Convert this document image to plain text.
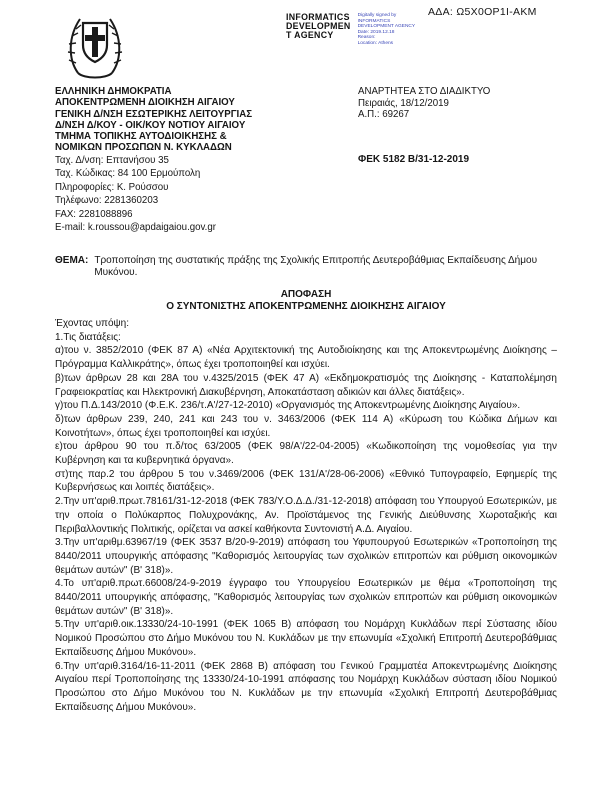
ΑΔΑ: Ω5Χ0ΟΡ1Ι-ΑΚΜ
INFORMATICS
DEVELOPMEN
T AGENCY
Digitally signed by
INFORMATICS
DEVELOPMENT AGENCY
Date: 2019.12.18
Reason:
Location: Athens
ΕΛΛΗΝΙΚΗ ΔΗΜΟΚΡΑΤΙΑ
ΑΠΟΚΕΝΤΡΩΜΕΝΗ ΔΙΟΙΚΗΣΗ ΑΙΓΑΙΟΥ
ΓΕΝΙΚΗ Δ/ΝΣΗ ΕΣΩΤΕΡΙΚΗΣ ΛΕΙΤΟΥΡΓΙΑΣ
Δ/ΝΣΗ Δ/ΚΟΥ - ΟΙΚ/ΚΟΥ ΝΟΤΙΟΥ ΑΙΓΑΙΟΥ
ΤΜΗΜΑ ΤΟΠΙΚΗΣ ΑΥΤΟΔΙΟΙΚΗΣΗΣ &
ΝΟΜΙΚΩΝ ΠΡΟΣΩΠΩΝ Ν. ΚΥΚΛΑΔΩΝ
ΑΝΑΡΤΗΤΕΑ ΣΤΟ ΔΙΑΔΙΚΤΥΟ
Πειραιάς, 18/12/2019
Α.Π.: 69267
ΦΕΚ 5182 Β/31-12-2019
Ταχ. Δ/νση: Επτανήσου 35
Ταχ. Κώδικας: 84 100 Ερμούπολη
Πληροφορίες: Κ. Ρούσσου
Τηλέφωνο: 2281360203
FAX: 2281088896
E-mail: k.roussou@apdaigaiou.gov.gr
ΘΕΜΑ: Τροποποίηση της συστατικής πράξης της Σχολικής Επιτροπής Δευτεροβάθμιας Εκπαίδευσης Δήμου Μυκόνου.
ΑΠΟΦΑΣΗ
Ο ΣΥΝΤΟΝΙΣΤΗΣ ΑΠΟΚΕΝΤΡΩΜΕΝΗΣ ΔΙΟΙΚΗΣΗΣ ΑΙΓΑΙΟΥ

Έχοντας υπόψη:

1.Τις διατάξεις:

α)του ν. 3852/2010 (ΦΕΚ 87 Α) «Νέα Αρχιτεκτονική της Αυτοδιοίκησης και της Αποκεντρωμένης Διοίκησης – Πρόγραμμα Καλλικράτης», όπως έχει τροποποιηθεί και ισχύει.

β)των άρθρων 28 και 28Α του ν.4325/2015 (ΦΕΚ 47 Α) «Εκδημοκρατισμός της Διοίκησης - Καταπολέμηση Γραφειοκρατίας και Ηλεκτρονική Διακυβέρνηση, Αποκατάσταση αδικιών και άλλες διατάξεις».

γ)του Π.Δ.143/2010 (Φ.Ε.Κ. 236/τ.Α'/27-12-2010) «Οργανισμός της Αποκεντρωμένης Διοίκησης Αιγαίου».

δ)των άρθρων 239, 240, 241 και 243 του ν. 3463/2006 (ΦΕΚ 114 Α) «Κύρωση του Κώδικα Δήμων και Κοινοτήτων», όπως έχει τροποποιηθεί και ισχύει.

ε)του άρθρου 90 του π.δ/τος 63/2005 (ΦΕΚ 98/Α'/22-04-2005) «Κωδικοποίηση της νομοθεσίας για την Κυβέρνηση και τα κυβερνητικά όργανα».

στ)της παρ.2 του άρθρου 5 του ν.3469/2006 (ΦΕΚ 131/Α'/28-06-2006) «Εθνικό Τυπογραφείο, Εφημερίς της Κυβερνήσεως και λοιπές διατάξεις».

2.Την υπ'αριθ.πρωτ.78161/31-12-2018 (ΦΕΚ 783/Υ.Ο.Δ.Δ./31-12-2018) απόφαση του Υπουργού Εσωτερικών, με την οποία ο Πολύκαρπος Πολυχρονάκης, Αν. Προϊστάμενος της Γενικής Διεύθυνσης Χωροταξικής και Περιβαλλοντικής Πολιτικής, ορίζεται να ασκεί καθήκοντα Συντονιστή Α.Δ. Αιγαίου.

3.Την υπ'αριθμ.63967/19 (ΦΕΚ 3537 Β/20-9-2019) απόφαση του Υφυπουργού Εσωτερικών «Τροποποίηση της 8440/2011 υπουργικής απόφασης "Καθορισμός λειτουργίας των σχολικών επιτροπών και ρύθμιση οικονομικών θεμάτων αυτών" (Β' 318)».

4.Το υπ'αριθ.πρωτ.66008/24-9-2019 έγγραφο του Υπουργείου Εσωτερικών με θέμα «Τροποποίηση της 8440/2011 υπουργικής απόφασης, "Καθορισμός λειτουργίας των σχολικών επιτροπών και ρύθμιση οικονομικών θεμάτων αυτών" (Β' 318)».

5.Την υπ'αριθ.οικ.13330/24-10-1991 (ΦΕΚ 1065 Β) απόφαση του Νομάρχη Κυκλάδων περί Σύστασης ιδίου Νομικού Προσώπου στο Δήμο Μυκόνου του Ν. Κυκλάδων με την επωνυμία «Σχολική Επιτροπή Δευτεροβάθμιας Εκπαίδευσης Δήμου Μυκόνου».

6.Την υπ'αριθ.3164/16-11-2011 (ΦΕΚ 2868 Β) απόφαση του Γενικού Γραμματέα Αποκεντρωμένης Διοίκησης Αιγαίου περί Τροποποίησης της 13330/24-10-1991 απόφασης του Νομάρχη Κυκλάδων σύσταση ιδίου Νομικού Προσώπου στο Δήμο Μυκόνου του Ν. Κυκλάδων με την επωνυμία «Σχολική Επιτροπή Δευτεροβάθμιας Εκπαίδευσης Δήμου Μυκόνου».
